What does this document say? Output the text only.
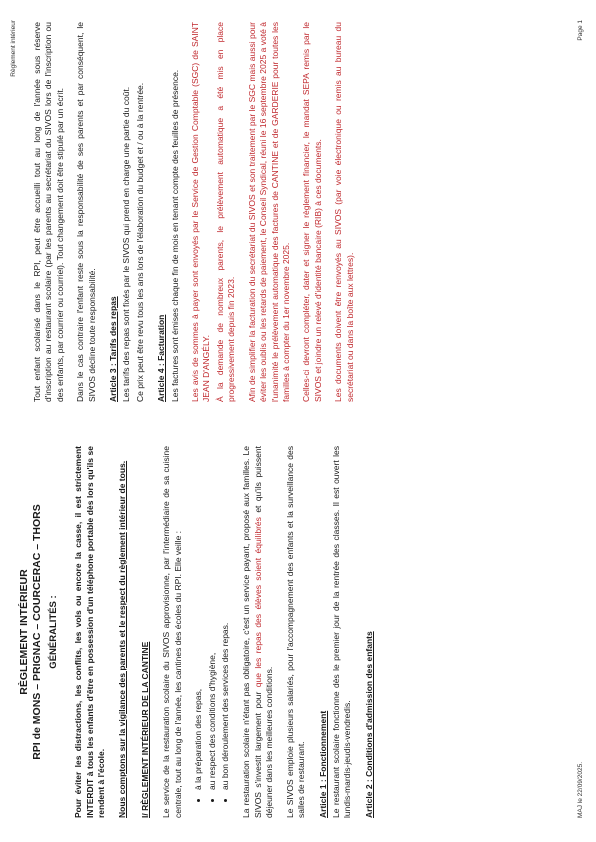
Règlement intérieur
RÈGLEMENT INTÉRIEUR RPI de MONS – PRIGNAC – COURCERAC – THORS GÉNÉRALITÉS : Pour éviter les distractions, les conflits, les vols ou encore la casse, il est strictement INTERDIT à tous les enfants d'être en possession d'un téléphone portable dès lors qu'ils se rendent à l'école. Nous comptons sur la vigilance des parents et le respect du règlement intérieur de tous.

I/ RÈGLEMENT INTÉRIEUR DE LA CANTINE Le service de la restauration scolaire du SIVOS approvisionne, par l'intermédiaire de sa cuisine centrale, tout au long de l'année, les cantines des écoles du RPI. Elle veille : • à la préparation des repas, • au respect des conditions d'hygiène, • au bon déroulement des services des repas. La restauration scolaire n'étant pas obligatoire, c'est un service payant, proposé aux familles. Le SIVOS s'investit largement pour que les repas des élèves soient équilibrés et qu'ils puissent déjeuner dans les meilleures conditions. Le SIVOS emploie plusieurs salariés, pour l'accompagnement des enfants et la surveillance des salles de restaurant. Article 1 : Fonctionnement Le restaurant scolaire fonctionne dès le premier jour de la rentrée des classes. Il est ouvert les lundis-mardis-jeudis-vendredis. Article 2 : Conditions d'admission des enfants

Tout enfant scolarisé dans le RPI, peut être accueilli tout au long de l'année sous réserve d'inscription au restaurant scolaire (par les parents au secrétariat du SIVOS lors de l'inscription ou des enfants, par courrier ou courriel). Tout changement doit être stipulé par un écrit. Dans le cas contraire l'enfant reste sous la responsabilité de ses parents et par conséquent, le SIVOS décline toute responsabilité. Article 3 : Tarifs des repas Les tarifs des repas sont fixés par le SIVOS qui prend en charge une partie du coût. Ce prix peut être revu tous les ans lors de l'élaboration du budget et / ou à la rentrée. Article 4 : Facturation Les factures sont émises chaque fin de mois en tenant compte des feuilles de présence. Les avis de sommes à payer sont envoyés par le Service de Gestion Comptable (SGC) de SAINT JEAN D'ANGÉLY. À la demande de nombreux parents, le prélèvement automatique a été mis en place progressivement depuis fin 2023. Afin de simplifier la facturation du secrétariat du SIVOS et son traitement par le SGC mais aussi pour éviter les oublis ou les retards de paiement, le Conseil Syndical, réuni le 16 septembre 2025 a voté à l'unanimité le prélèvement automatique des factures de CANTINE et de GARDERIE pour toutes les familles à compter du 1er novembre 2025. Celles-ci devront compléter, dater et signer le règlement financier, le mandat SEPA remis par le SIVOS et joindre un relevé d'identité bancaire (RIB) à ces documents. Les documents doivent être renvoyés au SIVOS (par voie électronique ou remis au bureau du secrétariat ou dans la boîte aux lettres).

MAJ le 22/09/2025.
Page 1
